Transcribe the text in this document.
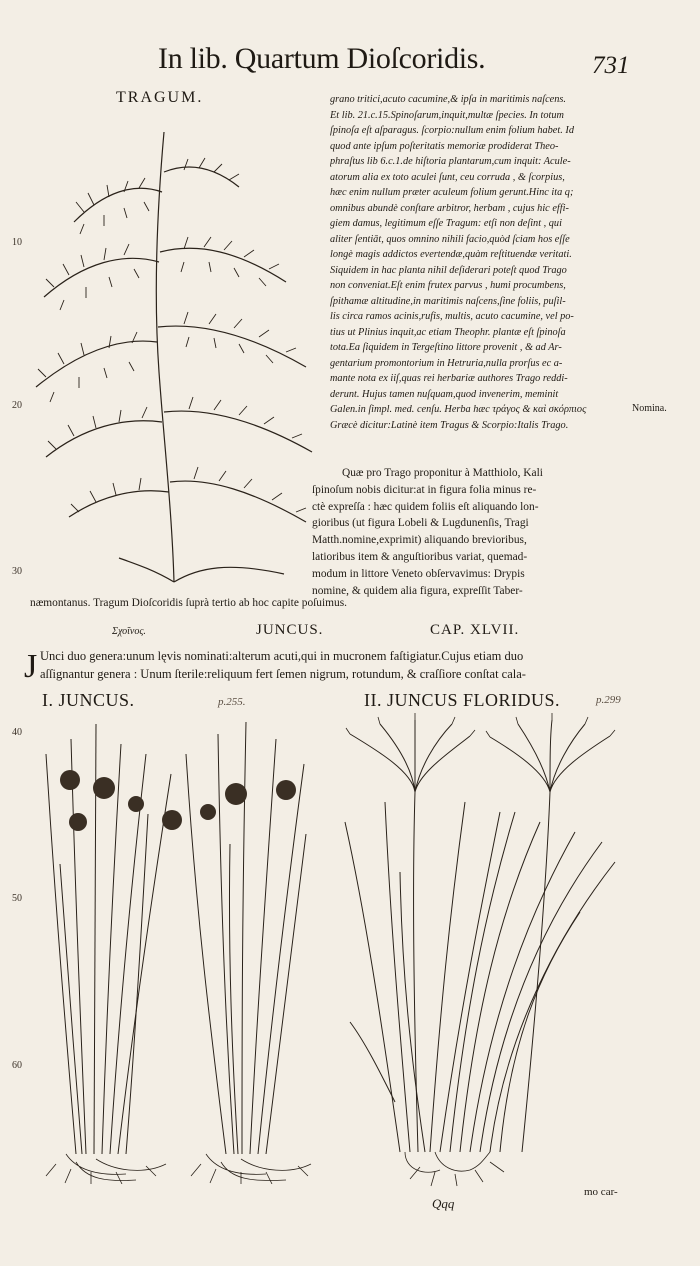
In lib. Quartum Dioſcoridis.	731
TRAGUM.
10
20
30
grano tritici,acuto cacumine,& ipſa in maritimis naſcens.
Et lib. 21.c.15.Spinoſarum,inquit,multæ ſpecies. In totum
ſpinoſa eſt aſparagus. ſcorpio:nullum enim folium habet. Id
quod ante ipſum poſteritatis memoriæ prodiderat Theo-
phraſtus lib 6.c.1.de hiſtoria plantarum,cum inquit: Acule-
atorum alia ex toto aculei ſunt, ceu corruda , & ſcorpius,
hæc enim nullum præter aculeum folium gerunt.Hinc ita q;
omnibus abundè conſtare arbitror, herbam , cujus hic effi-
giem damus, legitimum eſſe Tragum: etſi non deſint , qui
aliter ſentiāt, quos omnino nihili facio,quòd ſciam hos eſſe
longè magis addictos evertendæ,quàm reſtituendæ veritati.
Siquidem in hac planta nihil deſiderari poteſt quod Trago
non conveniat.Eſt enim frutex parvus , humi procumbens,
ſpithamæ altitudine,in maritimis naſcens,ſine foliis, puſil-
lis circa ramos acinis,rufis, multis, acuto cacumine, vel po-
tius ut Plinius inquit,ac etiam Theophr. plantæ eſt ſpinoſa
tota.Ea ſiquidem in Tergeſtino littore provenit , & ad Ar-
gentarium promontorium in Hetruria,nulla prorſus ec a-
mante nota ex iiſ,quas rei herbariæ authores Trago reddi-
derunt. Hujus tamen nuſquam,quod invenerim, meminit
Galen.in ſimpl. med. cenſu. Herba hæc τράγος & καὶ σκόρπιος
Græcè dicitur:Latinè item Tragus & Scorpio:Italis Trago.
Nomina.
Quæ pro Trago proponitur à Matthiolo, Kali
ſpinoſum nobis dicitur:at in figura folia minus re-
ctè expreſſa : hæc quidem foliis eſt aliquando lon-
gioribus (ut figura Lobeli & Lugdunenſis, Tragi
Matth.nomine,exprimit) aliquando brevioribus,
latioribus item & anguſtioribus variat, quemad-
modum in littore Veneto obſervavimus: Drypis
nomine, & quidem alia figura, expreſſit Taber-
næmontanus. Tragum Dioſcoridis ſuprà tertio ab hoc capite poſuimus.
Σχοῖνος.	JUNCUS.	CAP. XLVII.
J Unci duo genera:unum lęvis nominati:alterum acuti,qui in mucronem faſtigiatur.Cujus etiam duo
aſſignantur genera : Unum ſterile:reliquum fert ſemen nigrum, rotundum, & craſſiore conſtat cala-
I. JUNCUS.	p.255.	II. JUNCUS FLORIDUS.	p.299
40
50
60
Qqq
mo car-
